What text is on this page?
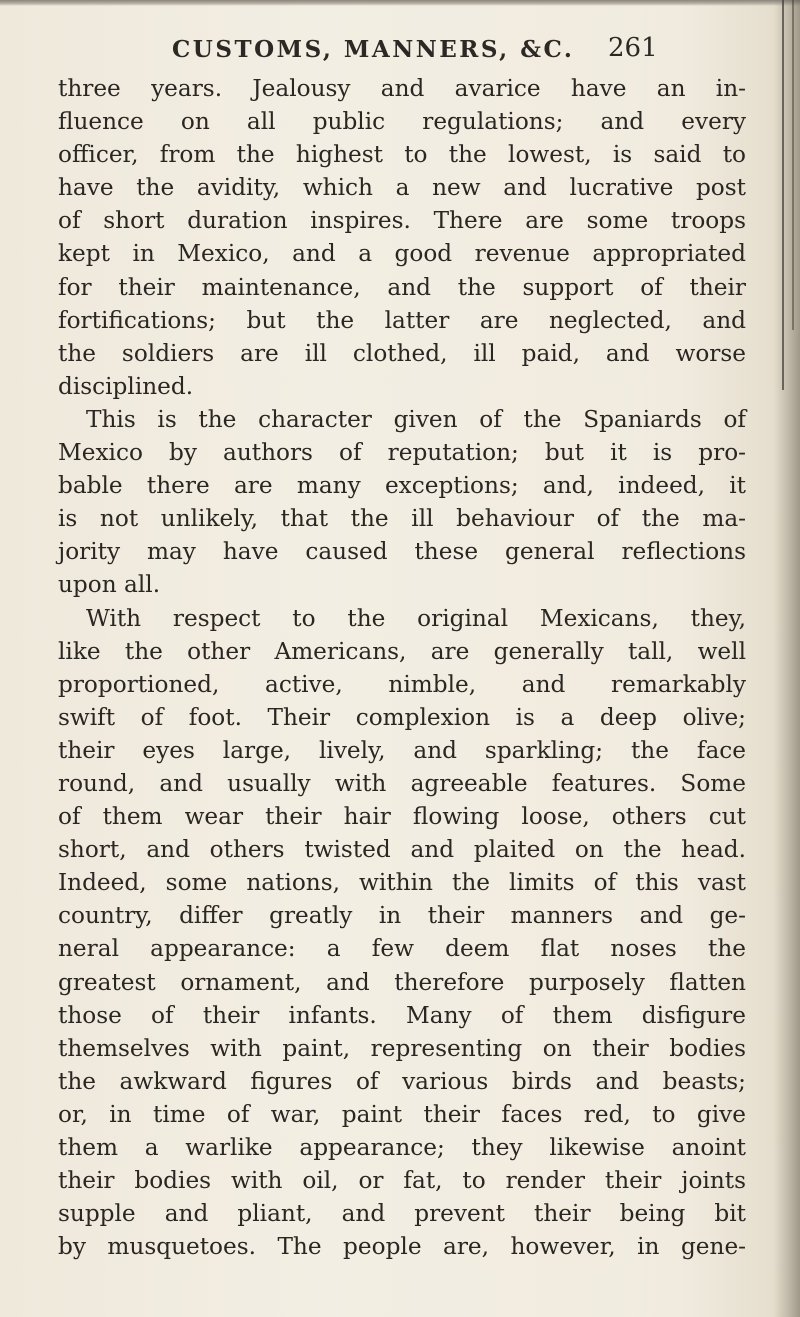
CUSTOMS, MANNERS, &C. 261
three years. Jealousy and avarice have an in-
fluence on all public regulations; and every
officer, from the highest to the lowest, is said to
have the avidity, which a new and lucrative post
of short duration inspires. There are some troops
kept in Mexico, and a good revenue appropriated
for their maintenance, and the support of their
fortifications; but the latter are neglected, and
the soldiers are ill clothed, ill paid, and worse
disciplined.
This is the character given of the Spaniards of
Mexico by authors of reputation; but it is pro-
bable there are many exceptions; and, indeed, it
is not unlikely, that the ill behaviour of the ma-
jority may have caused these general reflections
upon all.
With respect to the original Mexicans, they,
like the other Americans, are generally tall, well
proportioned, active, nimble, and remarkably
swift of foot. Their complexion is a deep olive;
their eyes large, lively, and sparkling; the face
round, and usually with agreeable features. Some
of them wear their hair flowing loose, others cut
short, and others twisted and plaited on the head.
Indeed, some nations, within the limits of this vast
country, differ greatly in their manners and ge-
neral appearance: a few deem flat noses the
greatest ornament, and therefore purposely flatten
those of their infants. Many of them disfigure
themselves with paint, representing on their bodies
the awkward figures of various birds and beasts;
or, in time of war, paint their faces red, to give
them a warlike appearance; they likewise anoint
their bodies with oil, or fat, to render their joints
supple and pliant, and prevent their being bit
by musquetoes. The people are, however, in gene-
